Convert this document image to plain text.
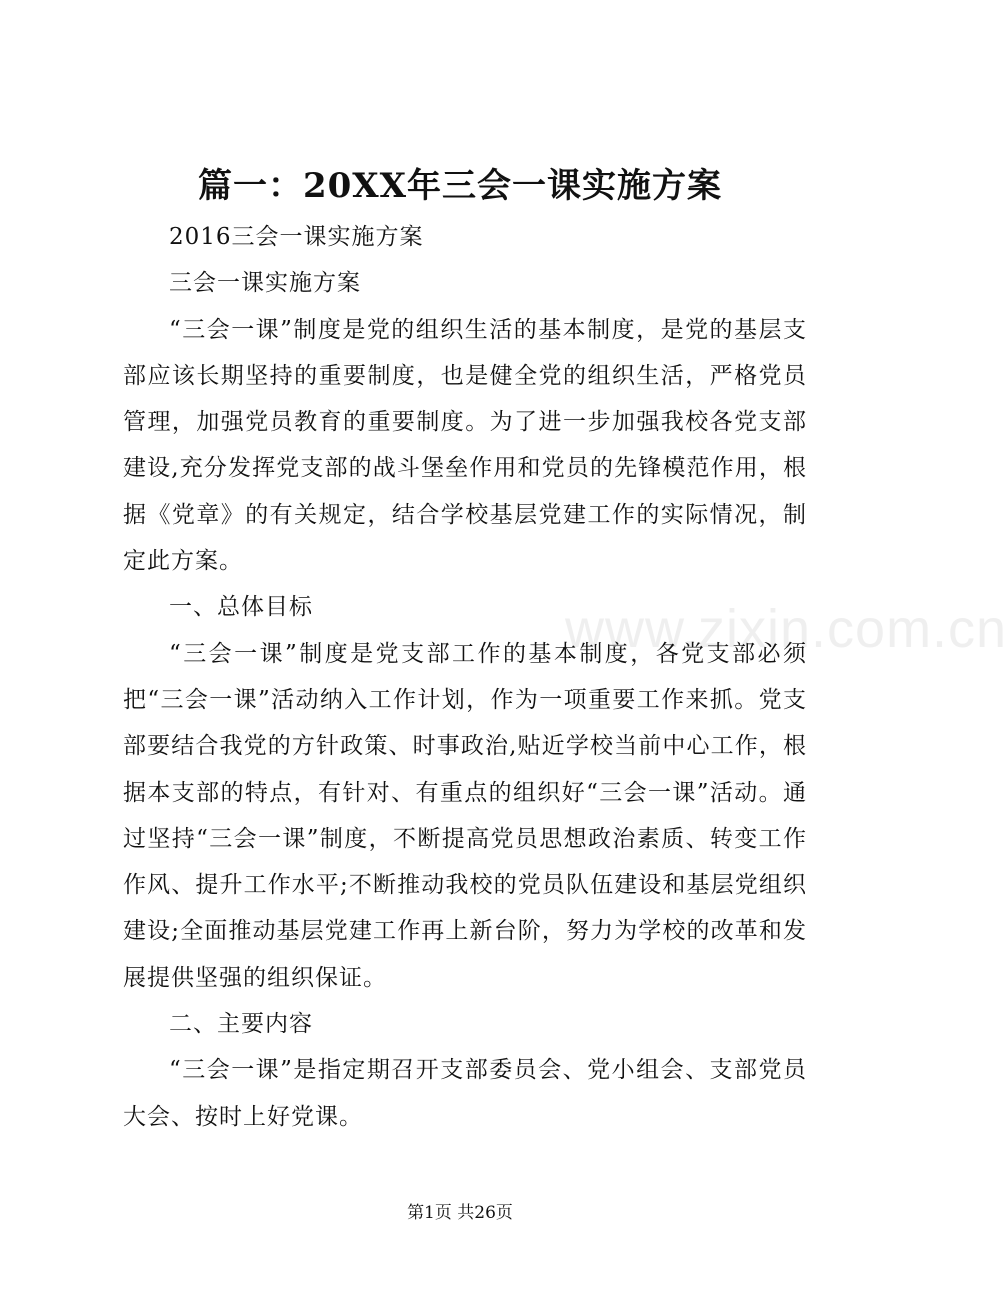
篇一：20XX年三会一课实施方案
www.zixin.com.cn

2016三会一课实施方案

三会一课实施方案

“三会一课”制度是党的组织生活的基本制度，是党的基层支部应该长期坚持的重要制度，也是健全党的组织生活，严格党员管理，加强党员教育的重要制度。为了进一步加强我校各党支部建设,充分发挥党支部的战斗堡垒作用和党员的先锋模范作用，根据《党章》的有关规定，结合学校基层党建工作的实际情况，制定此方案。

一、总体目标

“三会一课”制度是党支部工作的基本制度，各党支部必须把“三会一课”活动纳入工作计划，作为一项重要工作来抓。党支部要结合我党的方针政策、时事政治,贴近学校当前中心工作，根据本支部的特点，有针对、有重点的组织好“三会一课”活动。通过坚持“三会一课”制度，不断提高党员思想政治素质、转变工作作风、提升工作水平;不断推动我校的党员队伍建设和基层党组织建设;全面推动基层党建工作再上新台阶，努力为学校的改革和发展提供坚强的组织保证。

二、主要内容

“三会一课”是指定期召开支部委员会、党小组会、支部党员大会、按时上好党课。

第1页 共26页
